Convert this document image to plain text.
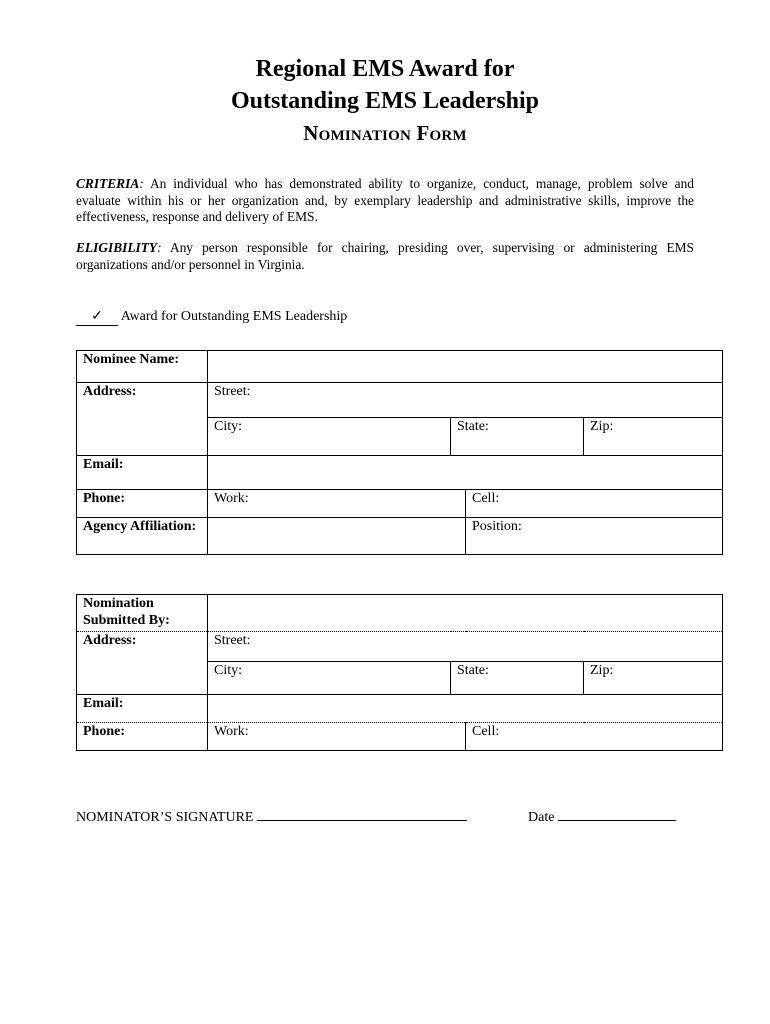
Regional EMS Award for
Outstanding EMS Leadership
Nomination Form
CRITERIA: An individual who has demonstrated ability to organize, conduct, manage, problem solve and evaluate within his or her organization and, by exemplary leadership and administrative skills, improve the effectiveness, response and delivery of EMS.
ELIGIBILITY: Any person responsible for chairing, presiding over, supervising or administering EMS organizations and/or personnel in Virginia.
✓ Award for Outstanding EMS Leadership
Nominee Name:				
Address:	Street:			
	City:	State:		Zip:
Email:				
Phone:	Work:		Cell:	
Agency Affiliation:			Position:	
Nomination Submitted By:				
Address:	Street:			
	City:	State:		Zip:
Email:				
Phone:	Work:		Cell:	
NOMINATOR’S SIGNATURE	Date
